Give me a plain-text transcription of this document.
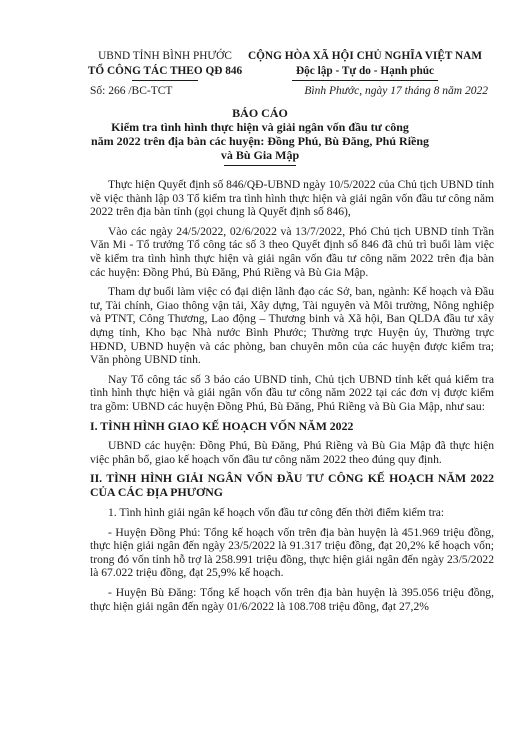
UBND TỈNH BÌNH PHƯỚC
TỔ CÔNG TÁC THEO QĐ 846
CỘNG HÒA XÃ HỘI CHỦ NGHĨA VIỆT NAM
Độc lập - Tự do - Hạnh phúc
Số: 266 /BC-TCT	Bình Phước, ngày 17 tháng 8 năm 2022
BÁO CÁO
Kiểm tra tình hình thực hiện và giải ngân vốn đầu tư công
năm 2022 trên địa bàn các huyện: Đồng Phú, Bù Đăng, Phú Riềng
và Bù Gia Mập

Thực hiện Quyết định số 846/QĐ-UBND ngày 10/5/2022 của Chủ tịch UBND tỉnh về việc thành lập 03 Tổ kiểm tra tình hình thực hiện và giải ngân vốn đầu tư công năm 2022 trên địa bàn tỉnh (gọi chung là Quyết định số 846),

Vào các ngày 24/5/2022, 02/6/2022 và 13/7/2022, Phó Chủ tịch UBND tỉnh Trần Văn Mi - Tổ trưởng Tổ công tác số 3 theo Quyết định số 846 đã chủ trì buổi làm việc về kiểm tra tình hình thực hiện và giải ngân vốn đầu tư công năm 2022 trên địa bàn các huyện: Đồng Phú, Bù Đăng, Phú Riềng và Bù Gia Mập.

Tham dự buổi làm việc có đại diện lãnh đạo các Sở, ban, ngành: Kế hoạch và Đầu tư, Tài chính, Giao thông vận tải, Xây dựng, Tài nguyên và Môi trường, Nông nghiệp và PTNT, Công Thương, Lao động – Thương binh và Xã hội, Ban QLDA đầu tư xây dựng tỉnh, Kho bạc Nhà nước Bình Phước; Thường trực Huyện ủy, Thường trực HĐND, UBND huyện và các phòng, ban chuyên môn của các huyện được kiểm tra; Văn phòng UBND tỉnh.

Nay Tổ công tác số 3 báo cáo UBND tỉnh, Chủ tịch UBND tỉnh kết quả kiểm tra tình hình thực hiện và giải ngân vốn đầu tư công năm 2022 tại các đơn vị được kiểm tra gồm: UBND các huyện Đồng Phú, Bù Đăng, Phú Riềng và Bù Gia Mập, như sau:

I. TÌNH HÌNH GIAO KẾ HOẠCH VỐN NĂM 2022

UBND các huyện: Đồng Phú, Bù Đăng, Phú Riềng và Bù Gia Mập đã thực hiện việc phân bổ, giao kế hoạch vốn đầu tư công năm 2022 theo đúng quy định.

II. TÌNH HÌNH GIẢI NGÂN VỐN ĐẦU TƯ CÔNG KẾ HOẠCH NĂM 2022 CỦA CÁC ĐỊA PHƯƠNG

1. Tình hình giải ngân kế hoạch vốn đầu tư công đến thời điểm kiểm tra:

- Huyện Đồng Phú: Tổng kế hoạch vốn trên địa bàn huyện là 451.969 triệu đồng, thực hiện giải ngân đến ngày 23/5/2022 là 91.317 triệu đồng, đạt 20,2% kế hoạch vốn; trong đó vốn tỉnh hỗ trợ là 258.991 triệu đồng, thực hiện giải ngân đến ngày 23/5/2022 là 67.022 triệu đồng, đạt 25,9% kế hoạch.

- Huyện Bù Đăng: Tổng kế hoạch vốn trên địa bàn huyện là 395.056 triệu đồng, thực hiện giải ngân đến ngày 01/6/2022 là 108.708 triệu đồng, đạt 27,2%
